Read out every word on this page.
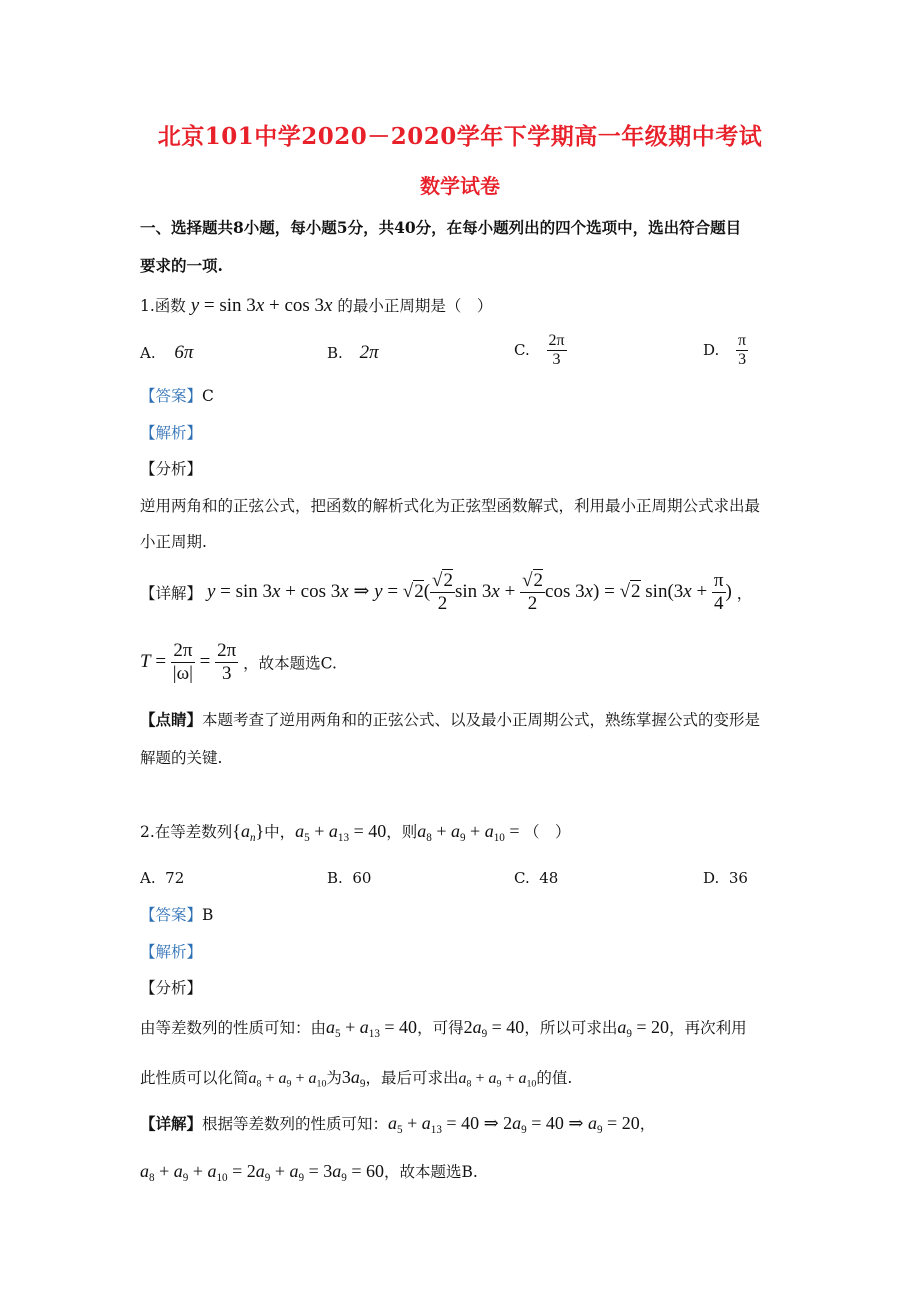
北京101中学2020－2020学年下学期高一年级期中考试
数学试卷
一、选择题共8小题，每小题5分，共40分，在每小题列出的四个选项中，选出符合题目
要求的一项.
1.函数 y = sin 3x + cos 3x 的最小正周期是（　）
A. 6π	B. 2π	C. $\frac{2\pi}{3}$	D. $\frac{\pi}{3}$
【答案】C
【解析】
【分析】
逆用两角和的正弦公式，把函数的解析式化为正弦型函数解式，利用最小正周期公式求出最
小正周期.
【详解】 y = sin 3x + cos 3x ⇒ $y = √2( \frac{√2}{2}$ $\sin 3x + \frac{√2}{2}$ cos 3x) = √2 $\sin(3x + \frac{\pi}{4}$ ) ，
$T = \frac{2\pi}{|\omega|} = \frac{2\pi}{3}$ ，故本题选C.
【点睛】本题考查了逆用两角和的正弦公式、以及最小正周期公式，熟练掌握公式的变形是
解题的关键.
2.在等差数列$\{a_n\}$中，$a_5 + a_{13} = 40$，则$a_8 + a_9 + a_{10}$ = （　）
A. 72	B. 60	C. 48	D. 36
【答案】B
【解析】
【分析】
由等差数列的性质可知：由$a_5 + a_{13} = 40$，可得$2a_9 = 40$，所以可求出$a_9 = 20$，再次利用
此性质可以化简$a_8 + a_9 + a_{10}$为$3a_9$，最后可求出$a_8 + a_9 + a_{10}$的值.
【详解】根据等差数列的性质可知：$a_5 + a_{13} = 40$ ⇒ $2a_9 = 40$ ⇒ $a_9 = 20$，
$a_8 + a_9 + a_{10} = 2a_9 + a_9 = 3a_9 = 60$，故本题选B.
